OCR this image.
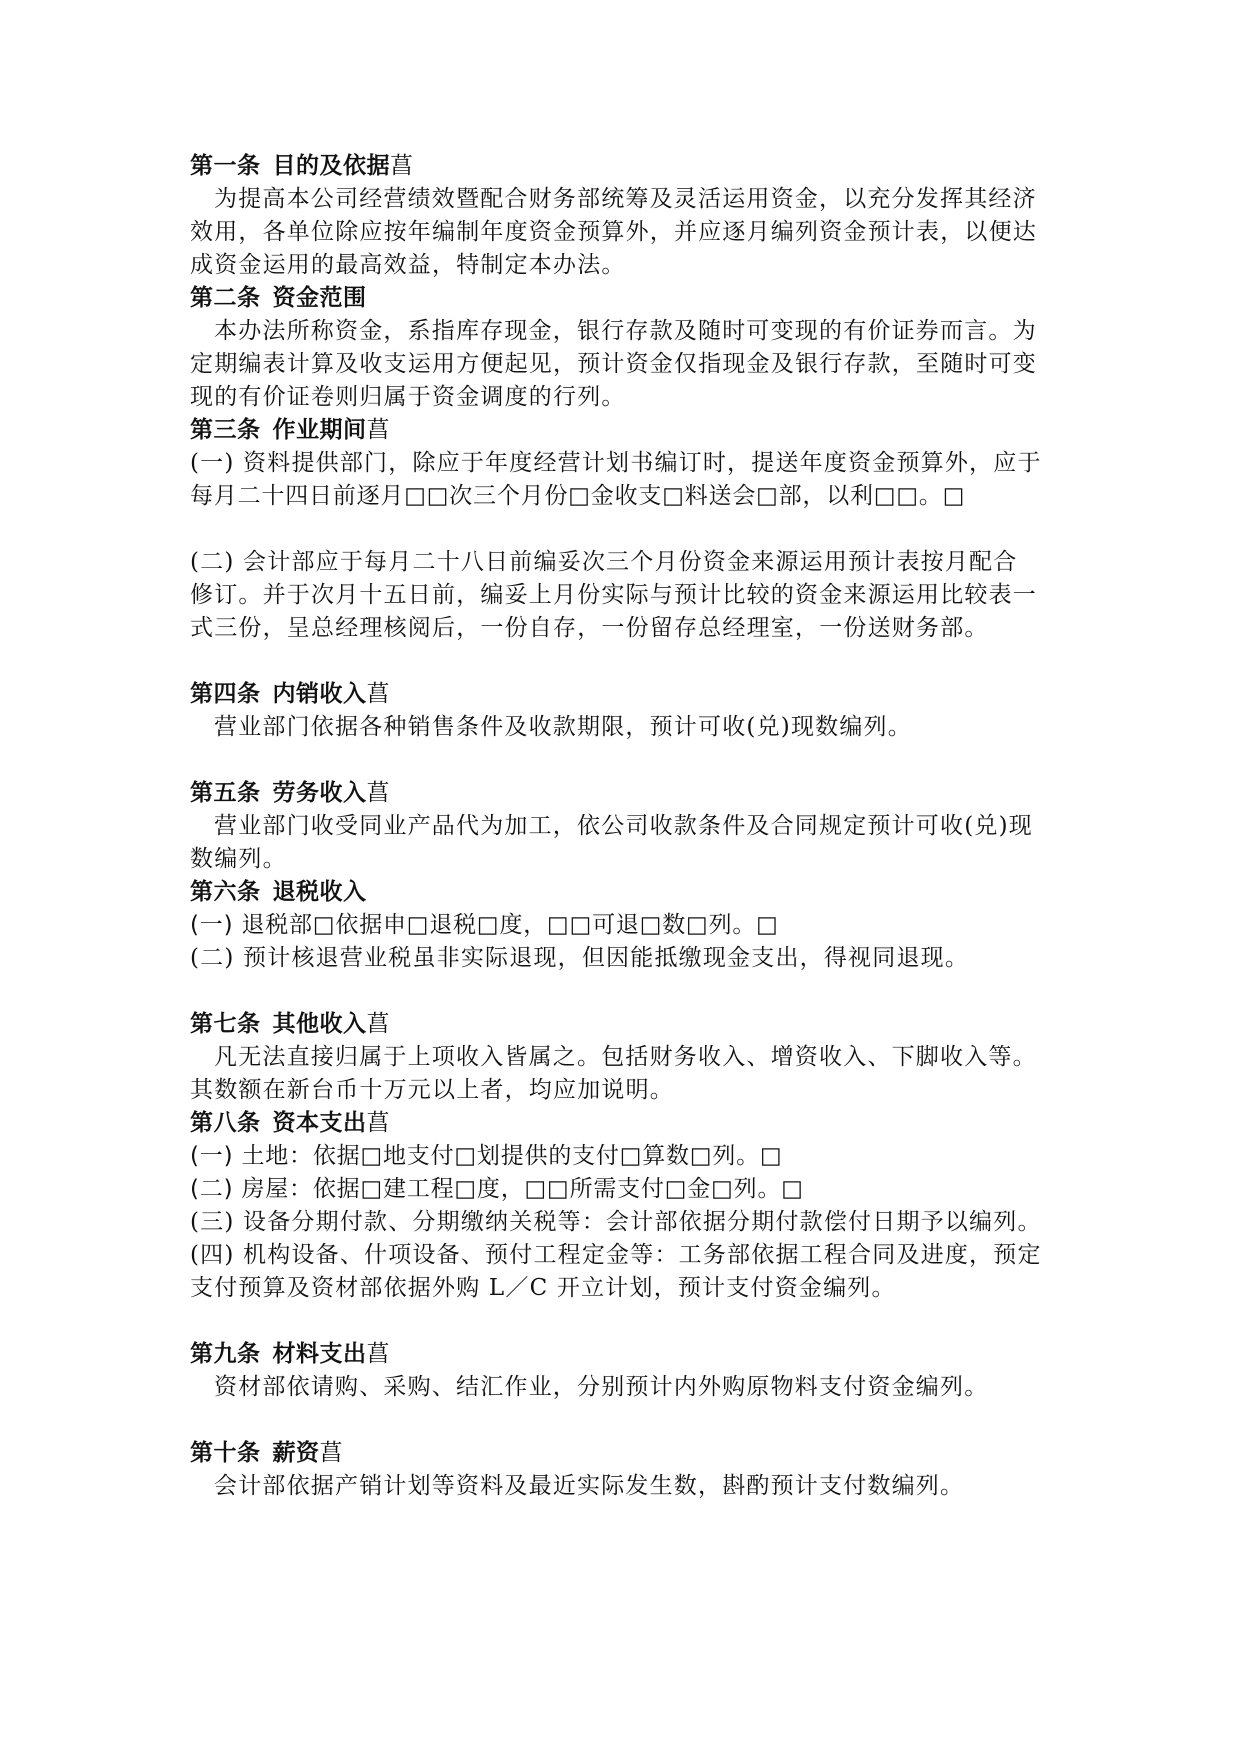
第一条 目的及依据菖
为提高本公司经营绩效暨配合财务部统筹及灵活运用资金，以充分发挥其经济
效用，各单位除应按年编制年度资金预算外，并应逐月编列资金预计表，以便达
成资金运用的最高效益，特制定本办法。
第二条 资金范围
本办法所称资金，系指库存现金，银行存款及随时可变现的有价证券而言。为
定期编表计算及收支运用方便起见，预计资金仅指现金及银行存款，至随时可变
现的有价证卷则归属于资金调度的行列。
第三条 作业期间菖
(一) 资料提供部门，除应于年度经营计划书编订时，提送年度资金预算外，应于
每月二十四日前逐月□□次三个月份□金收支□料送会□部，以利□□。□
(二) 会计部应于每月二十八日前编妥次三个月份资金来源运用预计表按月配合
修订。并于次月十五日前，编妥上月份实际与预计比较的资金来源运用比较表一
式三份，呈总经理核阅后，一份自存，一份留存总经理室，一份送财务部。
第四条 内销收入菖
营业部门依据各种销售条件及收款期限，预计可收(兑)现数编列。
第五条 劳务收入菖
营业部门收受同业产品代为加工，依公司收款条件及合同规定预计可收(兑)现
数编列。
第六条 退税收入
(一) 退税部□依据申□退税□度，□□可退□数□列。□
(二) 预计核退营业税虽非实际退现，但因能抵缴现金支出，得视同退现。
第七条 其他收入菖
凡无法直接归属于上项收入皆属之。包括财务收入、增资收入、下脚收入等。
其数额在新台币十万元以上者，均应加说明。
第八条 资本支出菖
(一) 土地：依据□地支付□划提供的支付□算数□列。□
(二) 房屋：依据□建工程□度，□□所需支付□金□列。□
(三) 设备分期付款、分期缴纳关税等：会计部依据分期付款偿付日期予以编列。
(四) 机构设备、什项设备、预付工程定金等：工务部依据工程合同及进度，预定
支付预算及资材部依据外购 L／C 开立计划，预计支付资金编列。
第九条 材料支出菖
资材部依请购、采购、结汇作业，分别预计内外购原物料支付资金编列。
第十条 薪资菖
会计部依据产销计划等资料及最近实际发生数，斟酌预计支付数编列。
